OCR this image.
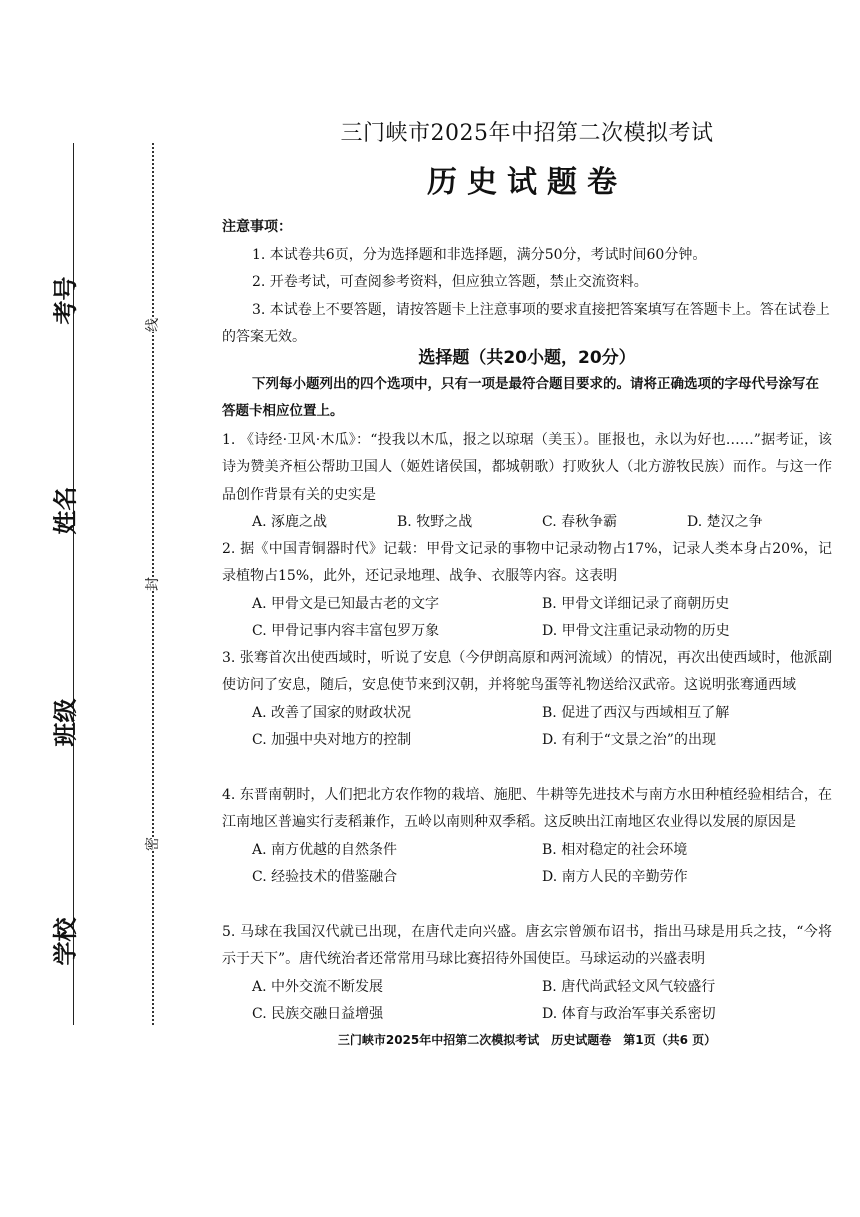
考号
姓名
班级
学校
线
封
密
三门峡市2025年中招第二次模拟考试
历史试题卷
注意事项：

1. 本试卷共6页，分为选择题和非选择题，满分50分，考试时间60分钟。

2. 开卷考试，可查阅参考资料，但应独立答题，禁止交流资料。

3. 本试卷上不要答题，请按答题卡上注意事项的要求直接把答案填写在答题卡上。答在试卷上的答案无效。

选择题（共20小题，20分）
下列每小题列出的四个选项中，只有一项是最符合题目要求的。请将正确选项的字母代号涂写在答题卡相应位置上。

1. 《诗经·卫风·木瓜》：“投我以木瓜，报之以琼琚（美玉）。匪报也，永以为好也……”据考证，该诗为赞美齐桓公帮助卫国人（姬姓诸侯国，都城朝歌）打败狄人（北方游牧民族）而作。与这一作品创作背景有关的史实是

A. 涿鹿之战	B. 牧野之战	C. 春秋争霸	D. 楚汉之争

2. 据《中国青铜器时代》记载：甲骨文记录的事物中记录动物占17%，记录人类本身占20%，记录植物占15%，此外，还记录地理、战争、衣服等内容。这表明

A. 甲骨文是已知最古老的文字	B. 甲骨文详细记录了商朝历史
C. 甲骨记事内容丰富包罗万象	D. 甲骨文注重记录动物的历史

3. 张骞首次出使西域时，听说了安息（今伊朗高原和两河流域）的情况，再次出使西域时，他派副使访问了安息，随后，安息使节来到汉朝，并将鸵鸟蛋等礼物送给汉武帝。这说明张骞通西域

A. 改善了国家的财政状况	B. 促进了西汉与西域相互了解
C. 加强中央对地方的控制	D. 有利于“文景之治”的出现

4. 东晋南朝时，人们把北方农作物的栽培、施肥、牛耕等先进技术与南方水田种植经验相结合，在江南地区普遍实行麦稻兼作，五岭以南则种双季稻。这反映出江南地区农业得以发展的原因是

A. 南方优越的自然条件	B. 相对稳定的社会环境
C. 经验技术的借鉴融合	D. 南方人民的辛勤劳作

5. 马球在我国汉代就已出现，在唐代走向兴盛。唐玄宗曾颁布诏书，指出马球是用兵之技，“今将示于天下”。唐代统治者还常常用马球比赛招待外国使臣。马球运动的兴盛表明

A. 中外交流不断发展	B. 唐代尚武轻文风气较盛行
C. 民族交融日益增强	D. 体育与政治军事关系密切
三门峡市2025年中招第二次模拟考试　历史试题卷　第1页（共6 页）
